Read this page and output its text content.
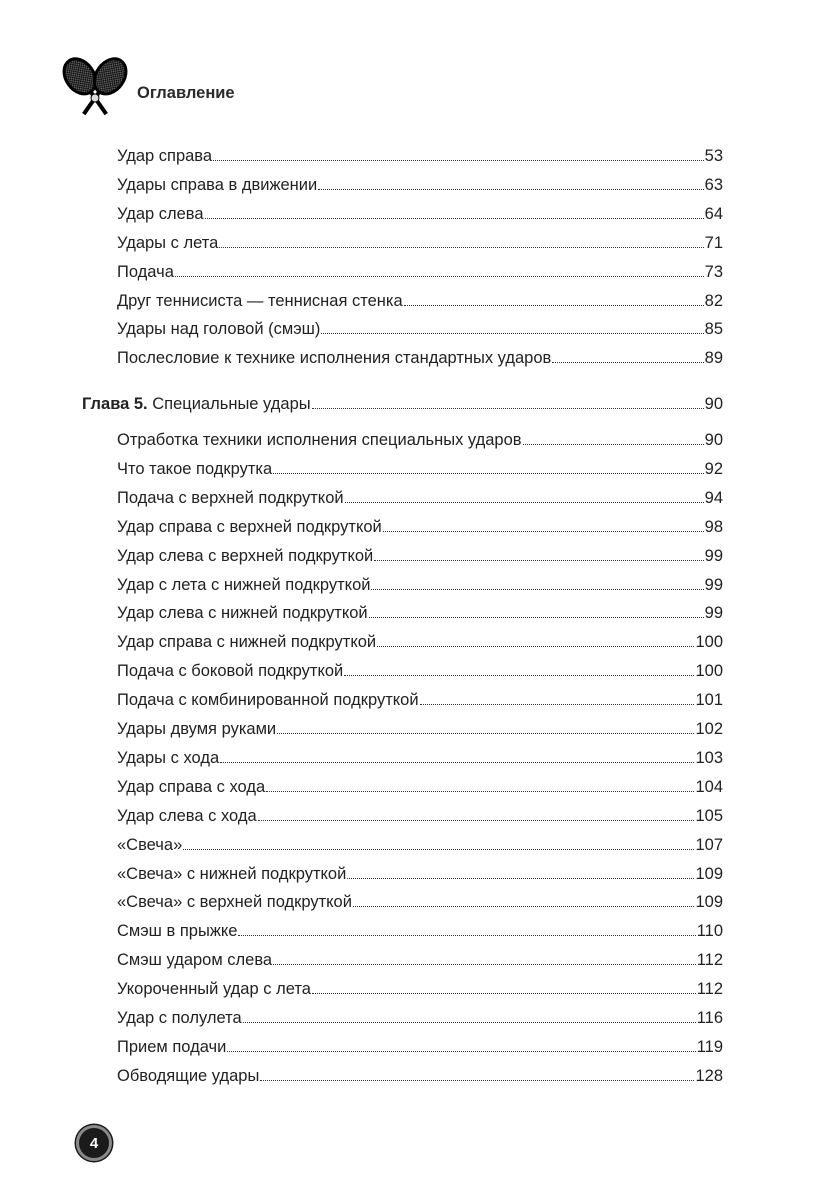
Оглавление
Удар справа	53
Удары справа в движении	63
Удар слева	64
Удары с лета	71
Подача	73
Друг теннисиста — теннисная стенка	82
Удары над головой (смэш)	85
Послесловие к технике исполнения стандартных ударов	89
Глава 5. Специальные удары	90
Отработка техники исполнения специальных ударов	90
Что такое подкрутка	92
Подача с верхней подкруткой	94
Удар справа с верхней подкруткой	98
Удар слева с верхней подкруткой	99
Удар с лета с нижней подкруткой	99
Удар слева с нижней подкруткой	99
Удар справа с нижней подкруткой	100
Подача с боковой подкруткой	100
Подача с комбинированной подкруткой	101
Удары двумя руками	102
Удары с хода	103
Удар справа с хода	104
Удар слева с хода	105
«Свеча»	107
«Свеча» с нижней подкруткой	109
«Свеча» с верхней подкруткой	109
Смэш в прыжке	110
Смэш ударом слева	112
Укороченный удар с лета	112
Удар с полулета	116
Прием подачи	119
Обводящие удары	128
4
